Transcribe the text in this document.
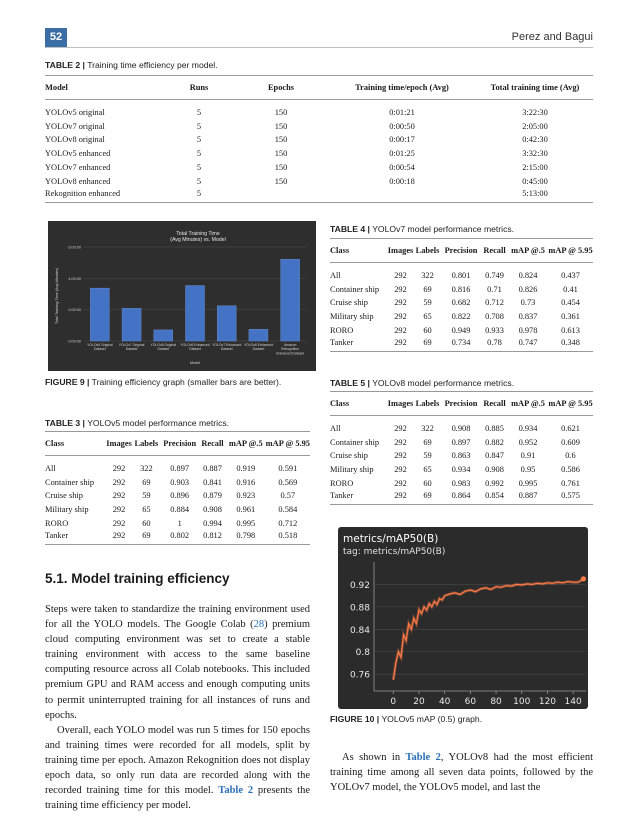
52	Perez and Bagui
TABLE 2 | Training time efficiency per model.
Model	Runs	Epochs	Training time/epoch (Avg)	Total training time (Avg)
YOLOv5 original	5	150	0:01:21	3:22:30
YOLOv7 original	5	150	0:00:50	2:05:00
YOLOv8 original	5	150	0:00:17	0:42:30
YOLOv5 enhanced	5	150	0:01:25	3:32:30
YOLOv7 enhanced	5	150	0:00:54	2:15:00
YOLOv8 enhanced	5	150	0:00:18	0:45:00
Rekognition enhanced	5			5:13:00
Total Training Time
(Avg Minutes) vs. Model
0:00:00
2:00:00
4:00:00
6:00:00
Total Training Time (Avg Minutes)
YOLOv5 Original
Dataset
YOLOv7 Original
Dataset
YOLOv8 Original
Dataset
YOLOv5 Enhanced
Dataset
YOLOv7 Enhanced
Dataset
YOLOv8 Enhanced
Dataset
Amazon
Rekognition
Enhanced Dataset
Model
FIGURE 9 | Training efficiency graph (smaller bars are better).
TABLE 3 | YOLOv5 model performance metrics.
Class	Images	Labels	Precision	Recall	mAP @.5	mAP @ 5.95
All	292	322	0.897	0.887	0.919	0.591
Container ship	292	69	0.903	0.841	0.916	0.569
Cruise ship	292	59	0.896	0.879	0.923	0.57
Military ship	292	65	0.884	0.908	0.961	0.584
RORO	292	60	1	0.994	0.995	0.712
Tanker	292	69	0.802	0.812	0.798	0.518
TABLE 4 | YOLOv7 model performance metrics.
Class	Images	Labels	Precision	Recall	mAP @.5	mAP @ 5.95
All	292	322	0.801	0.749	0.824	0.437
Container ship	292	69	0.816	0.71	0.826	0.41
Cruise ship	292	59	0.682	0.712	0.73	0.454
Military ship	292	65	0.822	0.708	0.837	0.361
RORO	292	60	0.949	0.933	0.978	0.613
Tanker	292	69	0.734	0.78	0.747	0.348
TABLE 5 | YOLOv8 model performance metrics.
Class	Images	Labels	Precision	Recall	mAP @.5	mAP @ 5.95
All	292	322	0.908	0.885	0.934	0.621
Container ship	292	69	0.897	0.882	0.952	0.609
Cruise ship	292	59	0.863	0.847	0.91	0.6
Military ship	292	65	0.934	0.908	0.95	0.586
RORO	292	60	0.983	0.992	0.995	0.761
Tanker	292	69	0.864	0.854	0.887	0.575
metrics/mAP50(B)
tag: metrics/mAP50(B)
0.76
0.8
0.84
0.88
0.92
0 20 40 60 80 100 120 140
FIGURE 10 | YOLOv5 mAP (0.5) graph.
5.1. Model training efficiency

Steps were taken to standardize the training environment used for all the YOLO models. The Google Colab (28) premium cloud computing environment was set to create a stable training environment with access to the same baseline computing resource across all Colab notebooks. This included premium GPU and RAM access and enough computing units to permit uninterrupted training for all instances of runs and epochs.

Overall, each YOLO model was run 5 times for 150 epochs and training times were recorded for all models, split by training time per epoch. Amazon Rekognition does not display epoch data, so only run data are recorded along with the recorded training time for this model. Table 2 presents the training time efficiency per model.

As shown in Table 2, YOLOv8 had the most efficient training time among all seven data points, followed by the YOLOv7 model, the YOLOv5 model, and last the
